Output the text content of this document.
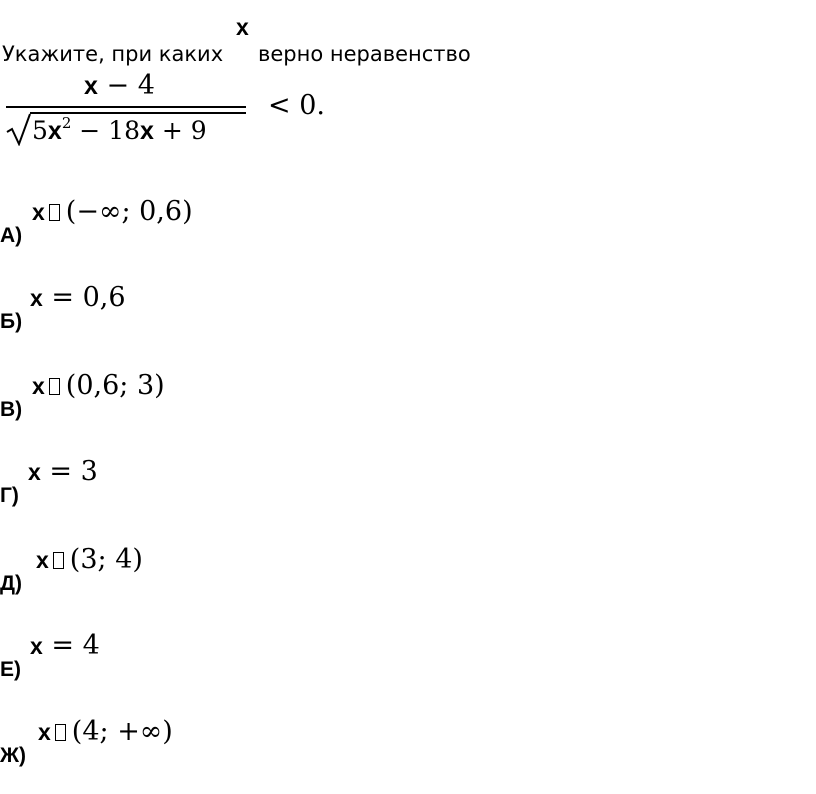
Укажите, при каких
x
верно неравенство
x − 4
$5x^2 - 18x + 9$
< 0.
А)
x (−∞; 0,6)
Б)
x = 0,6
В)
x (0,6; 3)
Г)
x = 3
Д)
x (3; 4)
Е)
x = 4
Ж)
x (4; +∞)
